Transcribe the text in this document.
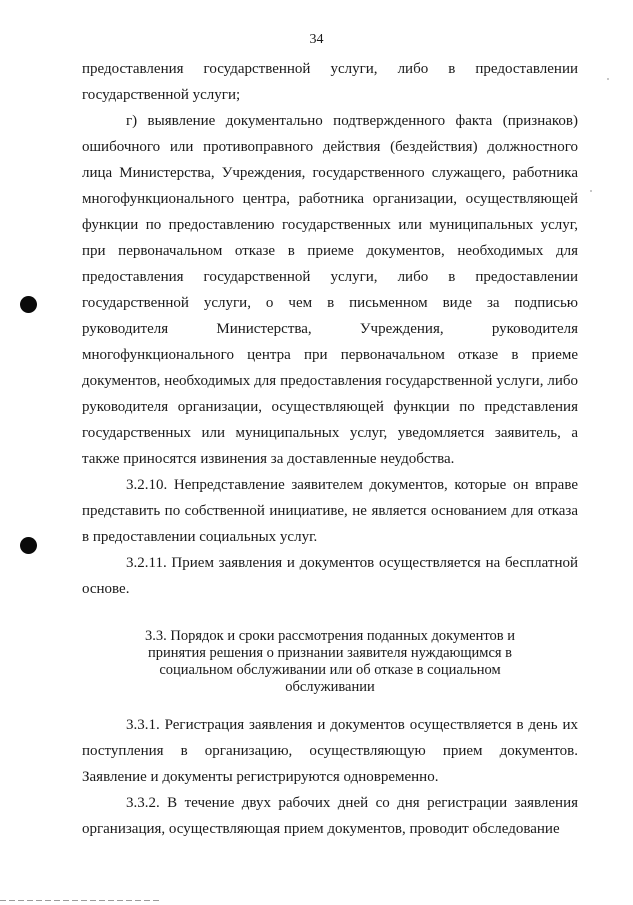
34

предоставления государственной услуги, либо в предоставлении государственной услуги;

г) выявление документально подтвержденного факта (признаков) ошибочного или противоправного действия (бездействия) должностного лица Министерства, Учреждения, государственного служащего, работника многофункционального центра, работника организации, осуществляющей функции по предоставлению государственных или муниципальных услуг, при первоначальном отказе в приеме документов, необходимых для предоставления государственной услуги, либо в предоставлении государственной услуги, о чем в письменном виде за подписью руководителя Министерства, Учреждения, руководителя многофункционального центра при первоначальном отказе в приеме документов, необходимых для предоставления государственной услуги, либо руководителя организации, осуществляющей функции по представления государственных или муниципальных услуг, уведомляется заявитель, а также приносятся извинения за доставленные неудобства.

3.2.10. Непредставление заявителем документов, которые он вправе представить по собственной инициативе, не является основанием для отказа в предоставлении социальных услуг.

3.2.11. Прием заявления и документов осуществляется на бесплатной основе.

3.3. Порядок и сроки рассмотрения поданных документов и принятия решения о признании заявителя нуждающимся в социальном обслуживании или об отказе в социальном обслуживании

3.3.1. Регистрация заявления и документов осуществляется в день их поступления в организацию, осуществляющую прием документов. Заявление и документы регистрируются одновременно.

3.3.2. В течение двух рабочих дней со дня регистрации заявления организация, осуществляющая прием документов, проводит обследование
